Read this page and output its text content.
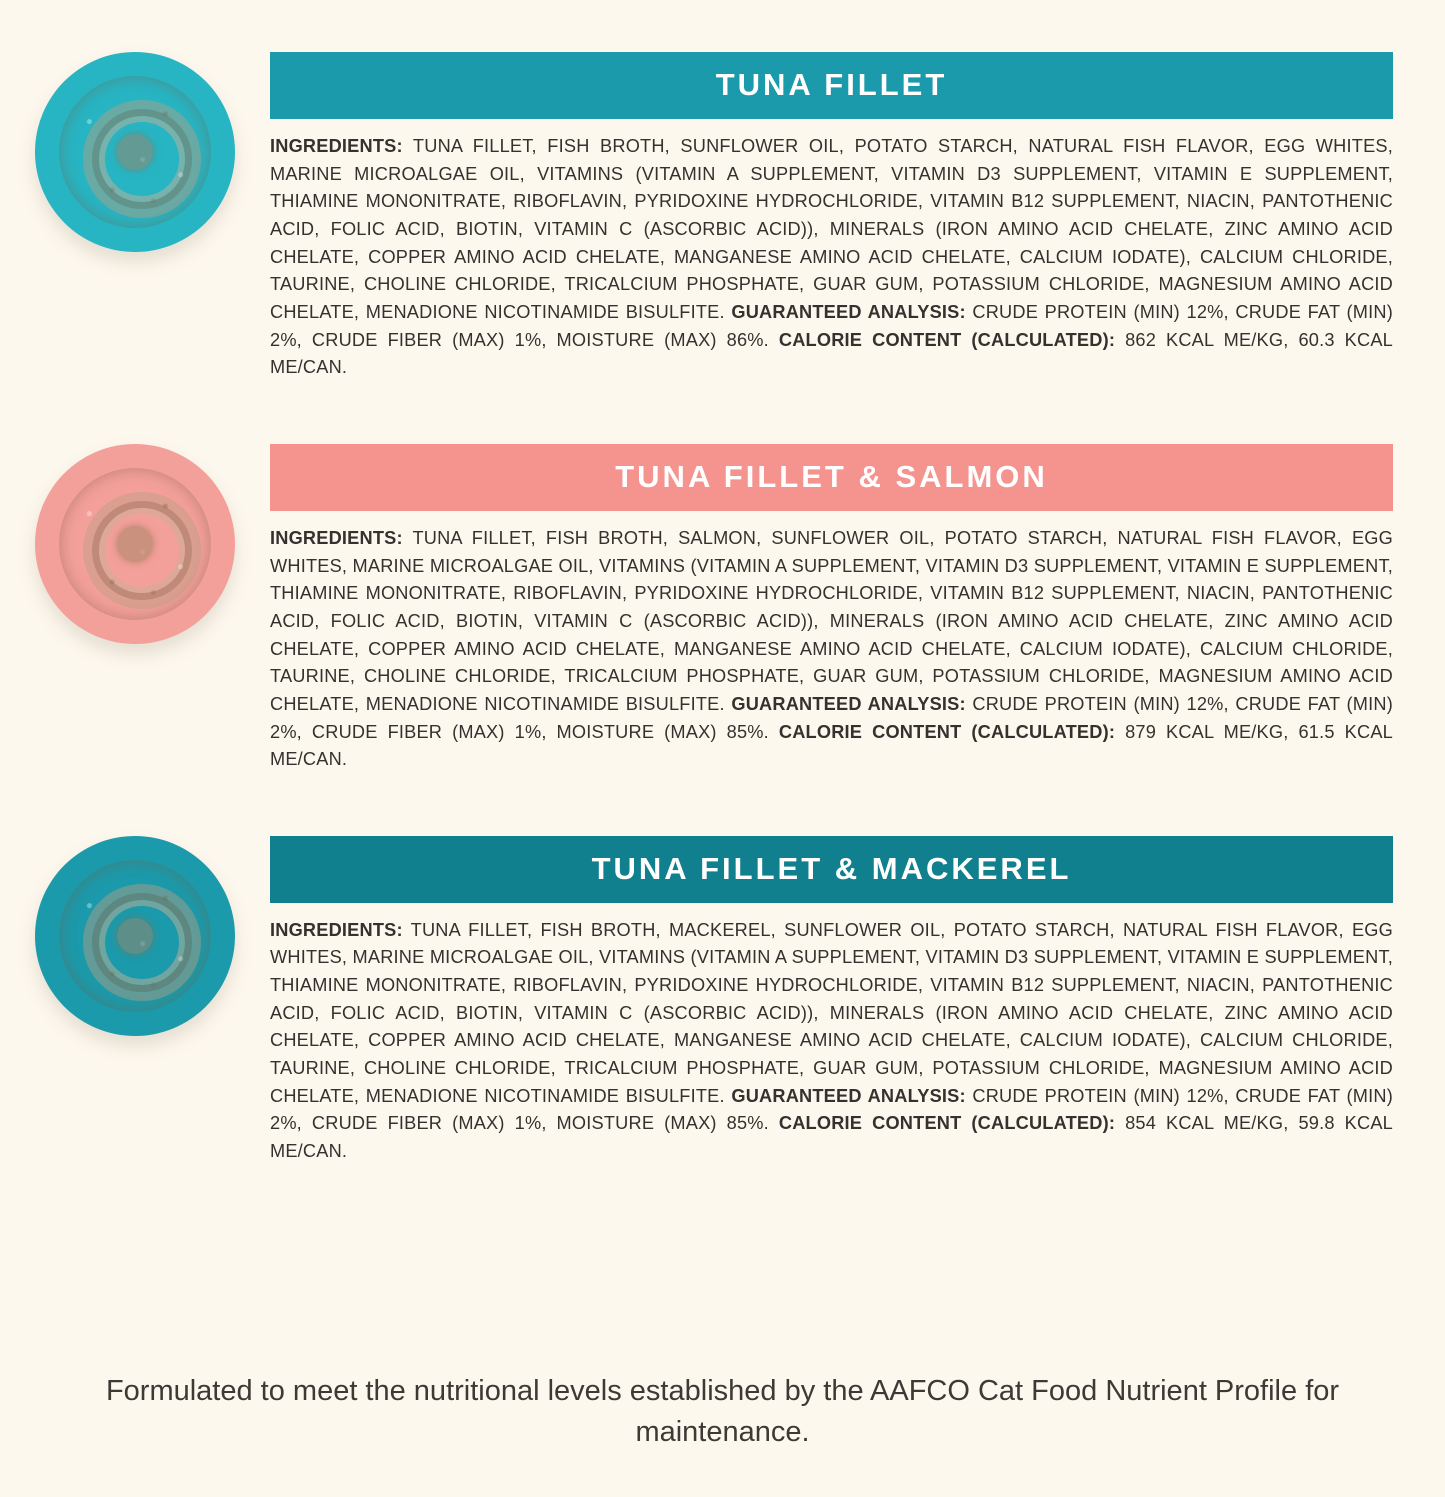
TUNA FILLET
INGREDIENTS: TUNA FILLET, FISH BROTH, SUNFLOWER OIL, POTATO STARCH, NATURAL FISH FLAVOR, EGG WHITES, MARINE MICROALGAE OIL, VITAMINS (VITAMIN A SUPPLEMENT, VITAMIN D3 SUPPLEMENT, VITAMIN E SUPPLEMENT, THIAMINE MONONITRATE, RIBOFLAVIN, PYRIDOXINE HYDROCHLORIDE, VITAMIN B12 SUPPLEMENT, NIACIN, PANTOTHENIC ACID, FOLIC ACID, BIOTIN, VITAMIN C (ASCORBIC ACID)), MINERALS (IRON AMINO ACID CHELATE, ZINC AMINO ACID CHELATE, COPPER AMINO ACID CHELATE, MANGANESE AMINO ACID CHELATE, CALCIUM IODATE), CALCIUM CHLORIDE, TAURINE, CHOLINE CHLORIDE, TRICALCIUM PHOSPHATE, GUAR GUM, POTASSIUM CHLORIDE, MAGNESIUM AMINO ACID CHELATE, MENADIONE NICOTINAMIDE BISULFITE. GUARANTEED ANALYSIS: CRUDE PROTEIN (MIN) 12%, CRUDE FAT (MIN) 2%, CRUDE FIBER (MAX) 1%, MOISTURE (MAX) 86%. CALORIE CONTENT (CALCULATED): 862 KCAL ME/KG, 60.3 KCAL ME/CAN.
TUNA FILLET & SALMON
INGREDIENTS: TUNA FILLET, FISH BROTH, SALMON, SUNFLOWER OIL, POTATO STARCH, NATURAL FISH FLAVOR, EGG WHITES, MARINE MICROALGAE OIL, VITAMINS (VITAMIN A SUPPLEMENT, VITAMIN D3 SUPPLEMENT, VITAMIN E SUPPLEMENT, THIAMINE MONONITRATE, RIBOFLAVIN, PYRIDOXINE HYDROCHLORIDE, VITAMIN B12 SUPPLEMENT, NIACIN, PANTOTHENIC ACID, FOLIC ACID, BIOTIN, VITAMIN C (ASCORBIC ACID)), MINERALS (IRON AMINO ACID CHELATE, ZINC AMINO ACID CHELATE, COPPER AMINO ACID CHELATE, MANGANESE AMINO ACID CHELATE, CALCIUM IODATE), CALCIUM CHLORIDE, TAURINE, CHOLINE CHLORIDE, TRICALCIUM PHOSPHATE, GUAR GUM, POTASSIUM CHLORIDE, MAGNESIUM AMINO ACID CHELATE, MENADIONE NICOTINAMIDE BISULFITE. GUARANTEED ANALYSIS: CRUDE PROTEIN (MIN) 12%, CRUDE FAT (MIN) 2%, CRUDE FIBER (MAX) 1%, MOISTURE (MAX) 85%. CALORIE CONTENT (CALCULATED): 879 KCAL ME/KG, 61.5 KCAL ME/CAN.
TUNA FILLET & MACKEREL
INGREDIENTS: TUNA FILLET, FISH BROTH, MACKEREL, SUNFLOWER OIL, POTATO STARCH, NATURAL FISH FLAVOR, EGG WHITES, MARINE MICROALGAE OIL, VITAMINS (VITAMIN A SUPPLEMENT, VITAMIN D3 SUPPLEMENT, VITAMIN E SUPPLEMENT, THIAMINE MONONITRATE, RIBOFLAVIN, PYRIDOXINE HYDROCHLORIDE, VITAMIN B12 SUPPLEMENT, NIACIN, PANTOTHENIC ACID, FOLIC ACID, BIOTIN, VITAMIN C (ASCORBIC ACID)), MINERALS (IRON AMINO ACID CHELATE, ZINC AMINO ACID CHELATE, COPPER AMINO ACID CHELATE, MANGANESE AMINO ACID CHELATE, CALCIUM IODATE), CALCIUM CHLORIDE, TAURINE, CHOLINE CHLORIDE, TRICALCIUM PHOSPHATE, GUAR GUM, POTASSIUM CHLORIDE, MAGNESIUM AMINO ACID CHELATE, MENADIONE NICOTINAMIDE BISULFITE. GUARANTEED ANALYSIS: CRUDE PROTEIN (MIN) 12%, CRUDE FAT (MIN) 2%, CRUDE FIBER (MAX) 1%, MOISTURE (MAX) 85%. CALORIE CONTENT (CALCULATED): 854 KCAL ME/KG, 59.8 KCAL ME/CAN.
Formulated to meet the nutritional levels established by the AAFCO Cat Food Nutrient Profile for maintenance.
